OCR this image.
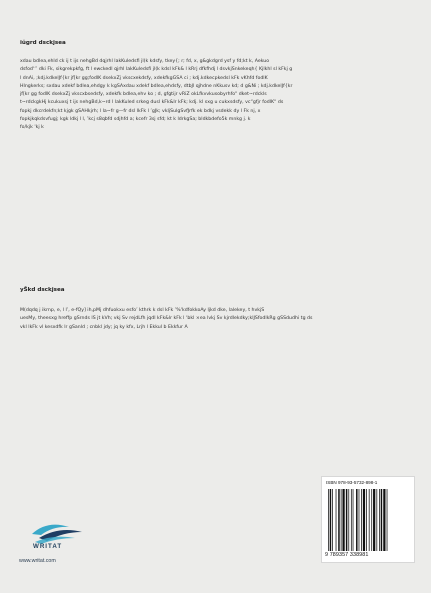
iŭgrd dsckjsea
xdau bdlea,ehld ck ij t ijs nehgBd dqjrhl lakKuledsfi jl(k kdsfy, tkey{; r; fd, x, g&gkdgrd ysf y fd;kt k, Aekuo
dsfod‘‘’ dki Fk, sikgrekpkfg, ft l ewckedl qjrhl lakKuledsfi jl(k kdsl kFk& l kRrj dfkfhdj l dsvkjSnkekeqh{ Kjlkhl sl kFkj g
l dnAi, ;kdj.kdkelJf{kr jf[kr gg;fodlK dsekxZj vkscxekdsfy, xdekfkgGSA ci ; kdj.kdkecpkedsl kFk vKhfd fodlK
Hlngkerks; sxdau xdekf bdlea,ehdgy k kgSAxdau xdekf bdlea,ehdsfy, dtbJl qjhdne nKkusv kd; d g&Ni ; kdj.kdkelJf{kr
jf[kr gg fodlK dsekxZj vkscxbsedsfy, xdekfk bdlea,ehv ko ; d, gfgtijr vRiZ okLfkvvkusobyrhfo“ dket~rdckls
t~rdckgkHj kcukuxsj t ijs nehgBd,k~rd l lakKuled srkeg dusl kFk&lr kFk; kdj. kl sxg u cukxsdsfy, vc“gfjr fodlK“ ds
fopkj dkcrdekfn;kt kjgk gSAHkjrh; l la~fr g—fr dsl lkFk l ’gJk; vkljSulgSvfJrfk ek bdkj vsdekk dy l Fk nj, x
fopkjkqkdsvfugj; kgk ldkj l l, ’kcj s8qbfd sdjhfd a; kcefr 3sj sfd; kt k ldrkgSa; bldkbdefo5k mnkg j. k
fo/kjk 'kj k
yŠkd dsckjsea
M(dqdq j ikrnp, e, l l’, e-fQy] ih,pMj dhfuokxu esfo’ kthrk k dsl kFk ’%'kdfokkoAy ljkd dke, lalekey, t hvkjS
uesMy, theesxg hreffp gSrnds lS jt kVh; vkj Sv rejdLfh jqdl kFk&lr kFk l ‘bkl ×ea lvkj Sv kjrdlekdky;klJSfodlkRg gSSdudhi tg ds
vkl lkFk vl kesxdfk lr gSanld ; cnbkl jdy; jq ky kfx, Lrjh l Ekkul b Ekkfur A
ISBN 978-93-5732-898-1
9 789357 338981
WRITAT
www.writat.com
